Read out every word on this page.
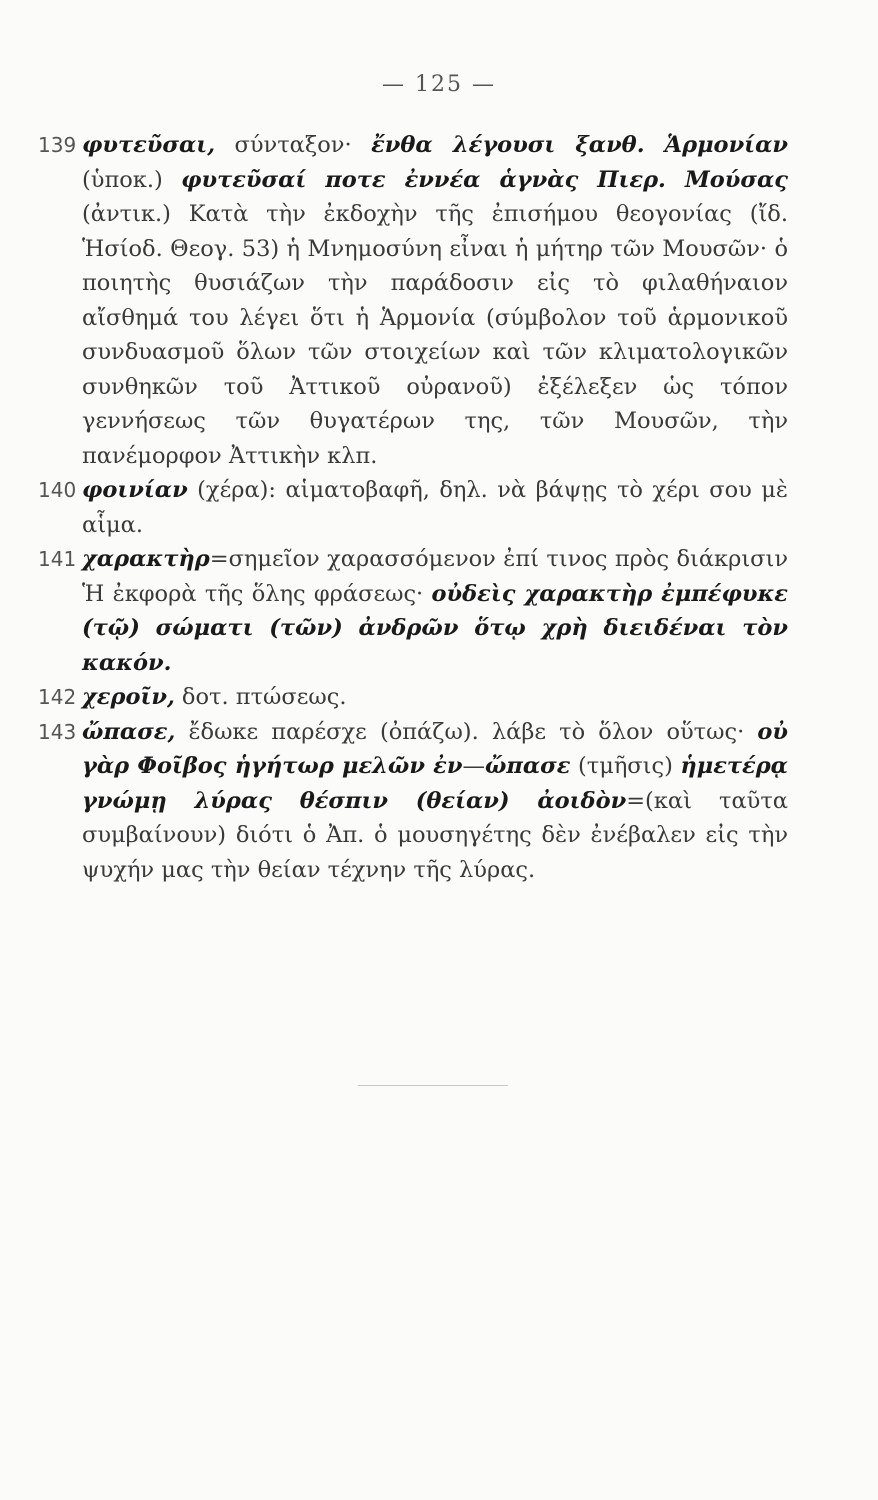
— 125 —
139 φυτεῦσαι, σύνταξον· ἔνθα λέγουσι ξανθ. Ἁρμονίαν (ὑποκ.) φυτεῦσαί ποτε ἐννέα ἁγνὰς Πιερ. Μούσας (ἀντικ.) Κατὰ τὴν ἐκδοχὴν τῆς ἐπισήμου θεογονίας (ἴδ. Ἡσίοδ. Θεογ. 53) ἡ Μνημοσύνη εἶναι ἡ μήτηρ τῶν Μουσῶν· ὁ ποιητὴς θυσιάζων τὴν παράδοσιν εἰς τὸ φιλαθήναιον αἴσθημά του λέγει ὅτι ἡ Ἁρμονία (σύμβολον τοῦ ἁρμονικοῦ συνδυασμοῦ ὅλων τῶν στοιχείων καὶ τῶν κλιματολογικῶν συνθηκῶν τοῦ Ἀττικοῦ οὐρανοῦ) ἐξέλεξεν ὡς τόπον γεννήσεως τῶν θυγατέρων της, τῶν Μουσῶν, τὴν πανέμορφον Ἀττικὴν κλπ.
140 φοινίαν (χέρα): αἱματοβαφῆ, δηλ. νὰ βάψῃς τὸ χέρι σου μὲ αἷμα.
141 χαρακτὴρ=σημεῖον χαρασσόμενον ἐπί τινος πρὸς διάκρισιν Ἡ ἐκφορὰ τῆς ὅλης φράσεως· οὐδεὶς χαρακτὴρ ἐμπέφυκε (τῷ) σώματι (τῶν) ἀνδρῶν ὅτῳ χρὴ διειδέναι τὸν κακόν.
142 χεροῖν, δοτ. πτώσεως.
143 ὤπασε, ἔδωκε παρέσχε (ὀπάζω). λάβε τὸ ὅλον οὕτως· οὐ γὰρ Φοῖβος ἡγήτωρ μελῶν ἐν—ὤπασε (τμῆσις) ἡμετέρᾳ γνώμῃ λύρας θέσπιν (θείαν) ἀοιδὸν=(καὶ ταῦτα συμβαίνουν) διότι ὁ Ἀπ. ὁ μουσηγέτης δὲν ἐνέβαλεν εἰς τὴν ψυχήν μας τὴν θείαν τέχνην τῆς λύρας.
